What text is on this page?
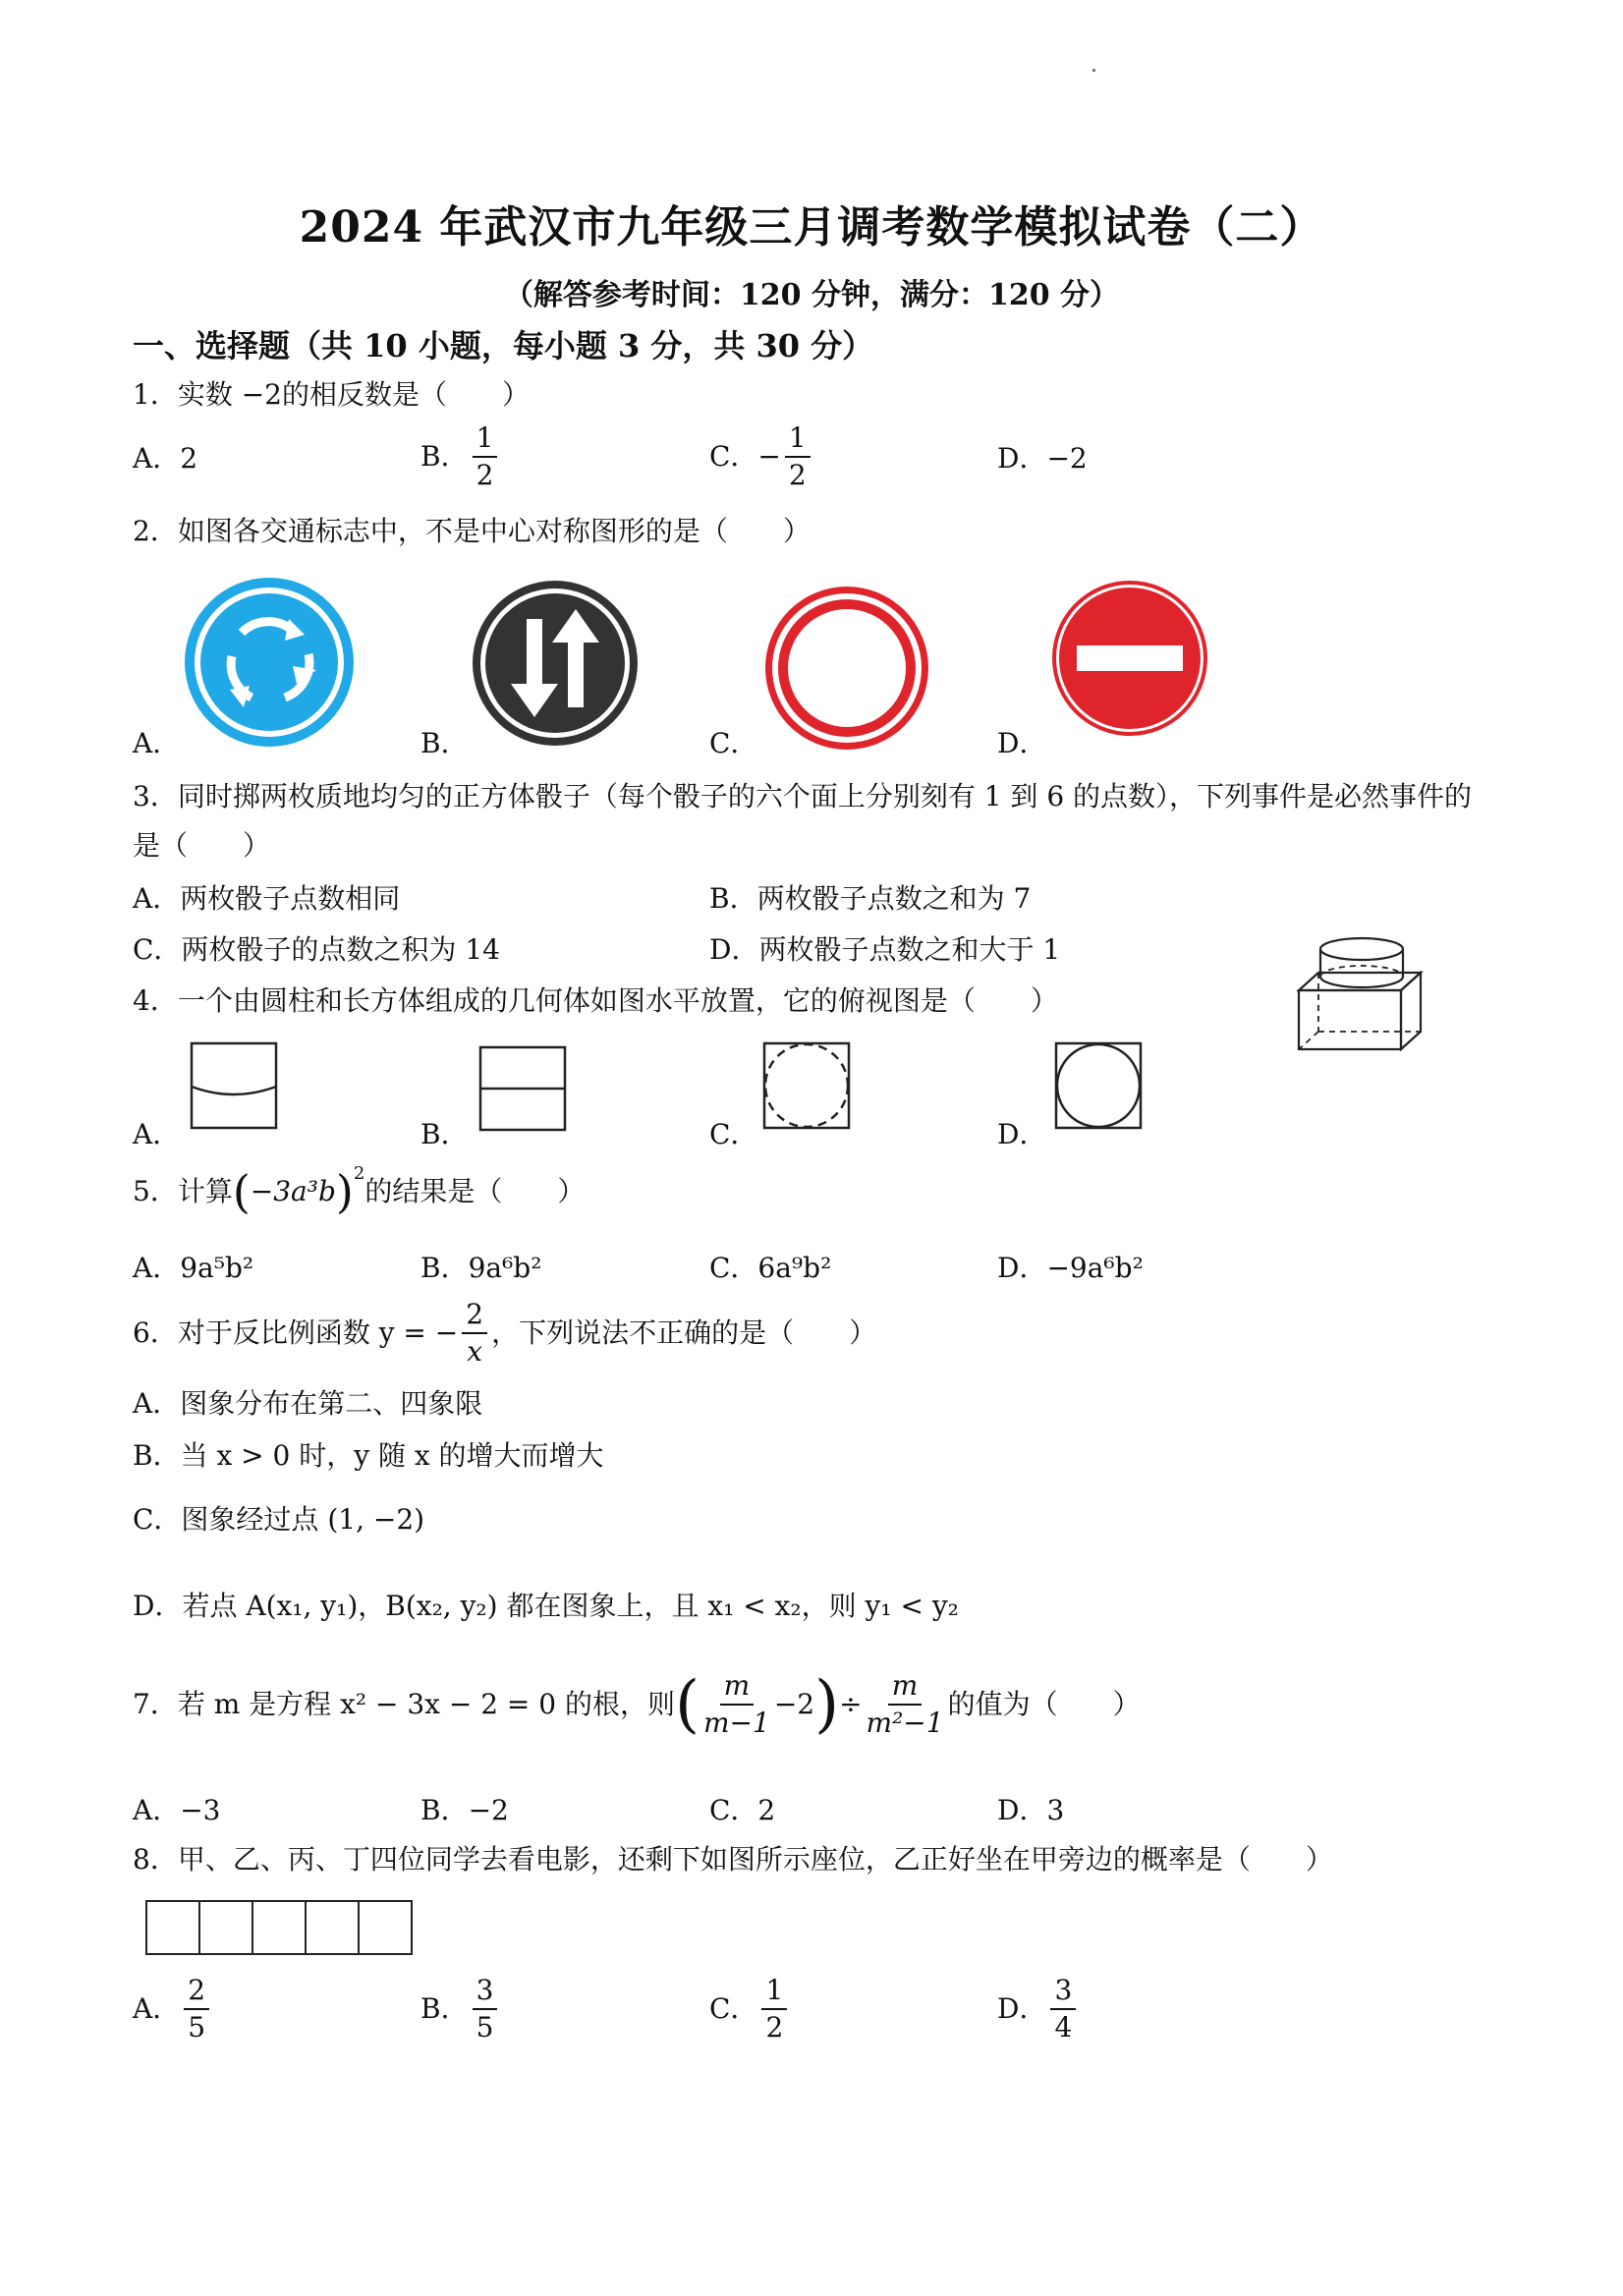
2024 年武汉市九年级三月调考数学模拟试卷（二）
（解答参考时间：120 分钟，满分：120 分）
一、选择题（共 10 小题，每小题 3 分，共 30 分）
1．实数 −2的相反数是（　　）
A．2	B． $\frac{1}{2}$	C．− $\frac{1}{2}$	D．−2
2．如图各交通标志中，不是中心对称图形的是（　　）
A．	B．	C．	D．
3．同时掷两枚质地均匀的正方体骰子（每个骰子的六个面上分别刻有 1 到 6 的点数），下列事件是必然事件的
是（　　）
A．两枚骰子点数相同	B．两枚骰子点数之和为 7
C．两枚骰子的点数之积为 14	D．两枚骰子点数之和大于 1
4．一个由圆柱和长方体组成的几何体如图水平放置，它的俯视图是（　　）
A．	B．	C．	D．
5．计算 ( −3a³b ) 2
的结果是（　　）
A．9a⁵b²	B．9a⁶b²	C．6a⁹b²	D．−9a⁶b²
6．对于反比例函数 y = − $\frac{2}{x}$ ，下列说法不正确的是（　　）
A．图象分布在第二、四象限
B．当 x > 0 时，y 随 x 的增大而增大
C．图象经过点 (1, −2)
D．若点 A(x₁, y₁)，B(x₂, y₂) 都在图象上，且 x₁ < x₂，则 y₁ < y₂
7．若 m 是方程 x² − 3x − 2 = 0 的根，则 ( $\frac{m}{m-1} -2$ ) ÷ $\frac{m}{\text{m²−1}}$ 的值为（　　）
A．−3	B．−2	C．2	D．3
8．甲、乙、丙、丁四位同学去看电影，还剩下如图所示座位，乙正好坐在甲旁边的概率是（　　）
A． $\frac{2}{5}$	B． $\frac{3}{5}$	C． $\frac{1}{2}$	D． $\frac{3}{4}$
